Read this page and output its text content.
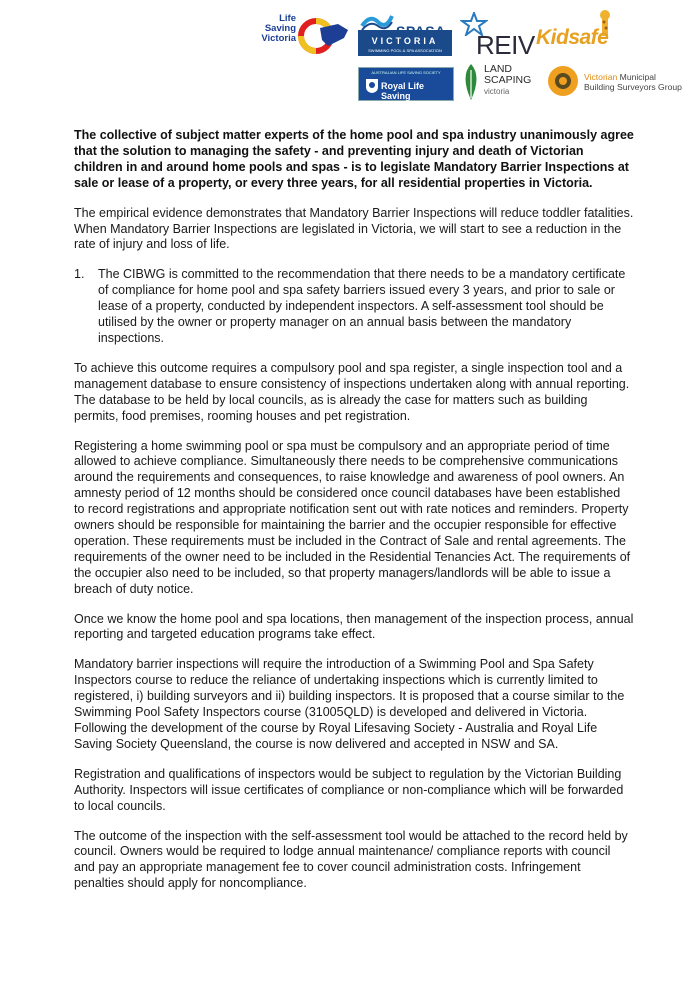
Life Saving Victoria	VICTORIA
SWIMMING POOL & SPA ASSOCIATION	REIV Kidsafe
AUSTRALIAN LIFE SAVING SOCIETY
Royal Life Saving
LAND
SCAPING
victoria
Victorian Municipal
Building Surveyors Group

The collective of subject matter experts of the home pool and spa industry unanimously agree that the solution to managing the safety - and preventing injury and death of Victorian children in and around home pools and spas - is to legislate Mandatory Barrier Inspections at sale or lease of a property, or every three years, for all residential properties in Victoria.

The empirical evidence demonstrates that Mandatory Barrier Inspections will reduce toddler fatalities. When Mandatory Barrier Inspections are legislated in Victoria, we will start to see a reduction in the rate of injury and loss of life.

1. The CIBWG is committed to the recommendation that there needs to be a mandatory certificate of compliance for home pool and spa safety barriers issued every 3 years, and prior to sale or lease of a property, conducted by independent inspectors. A self-assessment tool should be utilised by the owner or property manager on an annual basis between the mandatory inspections.

To achieve this outcome requires a compulsory pool and spa register, a single inspection tool and a management database to ensure consistency of inspections undertaken along with annual reporting. The database to be held by local councils, as is already the case for matters such as building permits, food premises, rooming houses and pet registration.

Registering a home swimming pool or spa must be compulsory and an appropriate period of time allowed to achieve compliance. Simultaneously there needs to be comprehensive communications around the requirements and consequences, to raise knowledge and awareness of pool owners. An amnesty period of 12 months should be considered once council databases have been established to record registrations and appropriate notification sent out with rate notices and reminders. Property owners should be responsible for maintaining the barrier and the occupier responsible for effective operation. These requirements must be included in the Contract of Sale and rental agreements. The requirements of the owner need to be included in the Residential Tenancies Act. The requirements of the occupier also need to be included, so that property managers/landlords will be able to issue a breach of duty notice.

Once we know the home pool and spa locations, then management of the inspection process, annual reporting and targeted education programs take effect.

Mandatory barrier inspections will require the introduction of a Swimming Pool and Spa Safety Inspectors course to reduce the reliance of undertaking inspections which is currently limited to registered, i) building surveyors and ii) building inspectors. It is proposed that a course similar to the Swimming Pool Safety Inspectors course (31005QLD) is developed and delivered in Victoria. Following the development of the course by Royal Lifesaving Society - Australia and Royal Life Saving Society Queensland, the course is now delivered and accepted in NSW and SA.

Registration and qualifications of inspectors would be subject to regulation by the Victorian Building Authority. Inspectors will issue certificates of compliance or non-compliance which will be forwarded to local councils.

The outcome of the inspection with the self-assessment tool would be attached to the record held by council. Owners would be required to lodge annual maintenance/ compliance reports with council and pay an appropriate management fee to cover council administration costs. Infringement penalties should apply for noncompliance.
